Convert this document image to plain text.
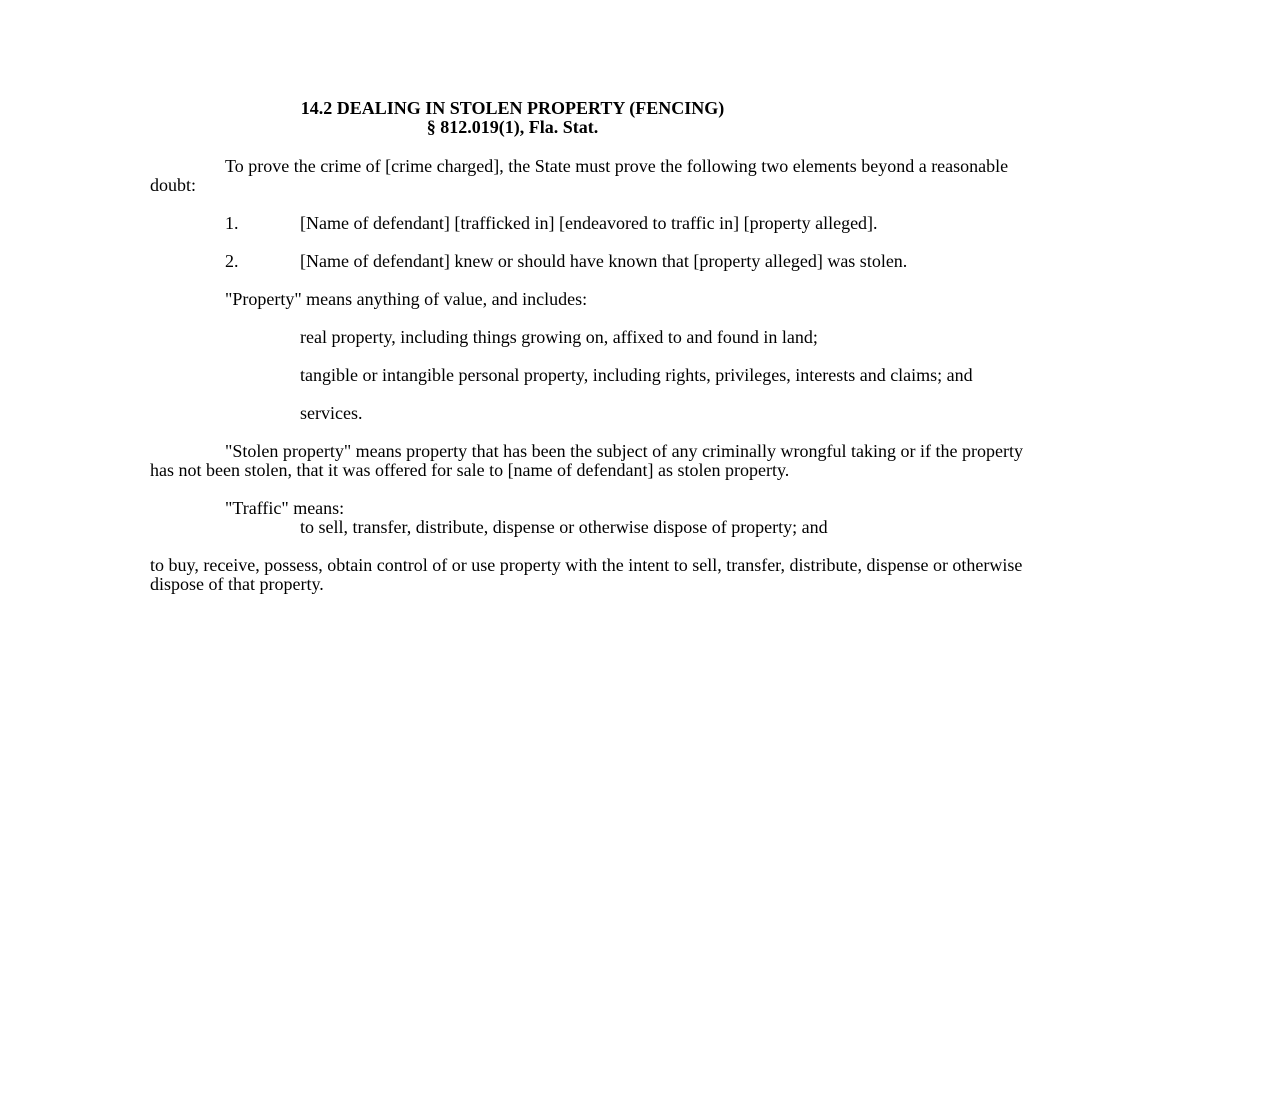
14.2 DEALING IN STOLEN PROPERTY (FENCING)
§ 812.019(1), Fla. Stat.

To prove the crime of [crime charged], the State must prove the following two elements beyond a reasonable doubt:

1.	[Name of defendant] [trafficked in] [endeavored to traffic in] [property alleged].
2.	[Name of defendant] knew or should have known that [property alleged] was stolen.

"Property" means anything of value, and includes:

real property, including things growing on, affixed to and found in land;

tangible or intangible personal property, including rights, privileges, interests and claims; and

services.

"Stolen property" means property that has been the subject of any criminally wrongful taking or if the property has not been stolen, that it was offered for sale to [name of defendant] as stolen property.

"Traffic" means:

to sell, transfer, distribute, dispense or otherwise dispose of property; and

to buy, receive, possess, obtain control of or use property with the intent to sell, transfer, distribute, dispense or otherwise dispose of that property.
